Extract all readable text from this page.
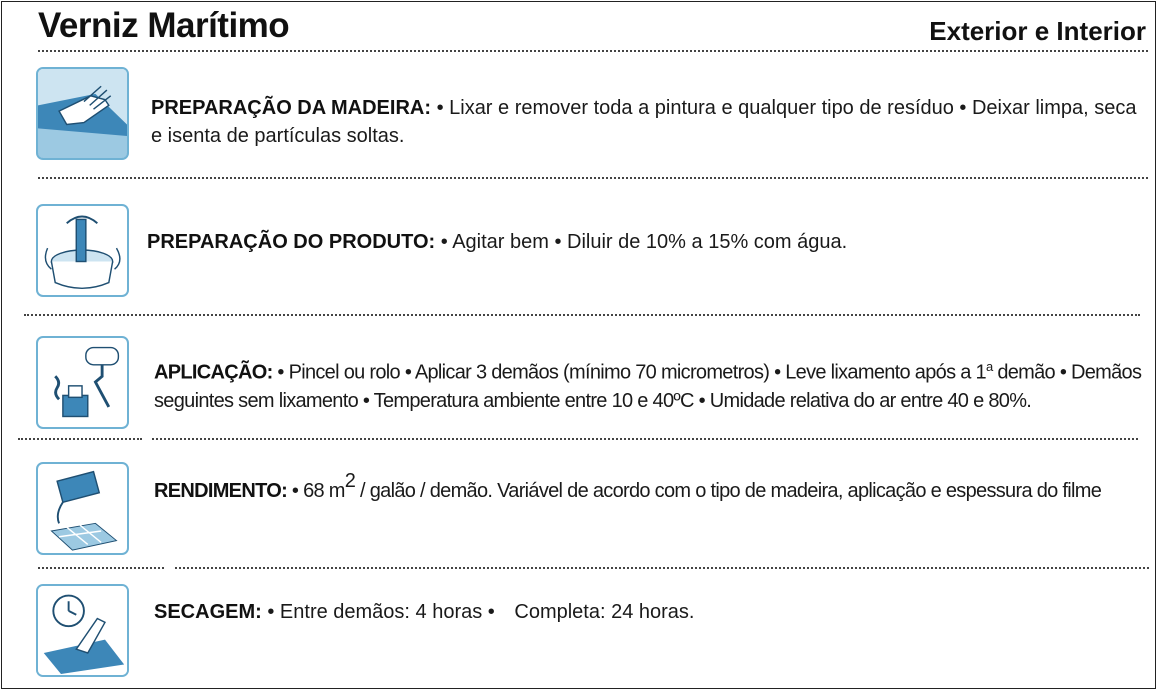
Verniz Marítimo	Exterior e Interior
PREPARAÇÃO DA MADEIRA: • Lixar e remover toda a pintura e qualquer tipo de resíduo • Deixar limpa, seca e isenta de partículas soltas.
PREPARAÇÃO DO PRODUTO: • Agitar bem • Diluir de 10% a 15% com água.
APLICAÇÃO: • Pincel ou rolo • Aplicar 3 demãos (mínimo 70 micrometros) • Leve lixamento após a 1$^a$ demão • Demãos seguintes sem lixamento • Temperatura ambiente entre 10 e 40ºC • Umidade relativa do ar entre 40 e 80%.
RENDIMENTO: • 68 m2 / galão / demão. Variável de acordo com o tipo de madeira, aplicação e espessura do filme
SECAGEM: • Entre demãos: 4 horas • Completa: 24 horas.
